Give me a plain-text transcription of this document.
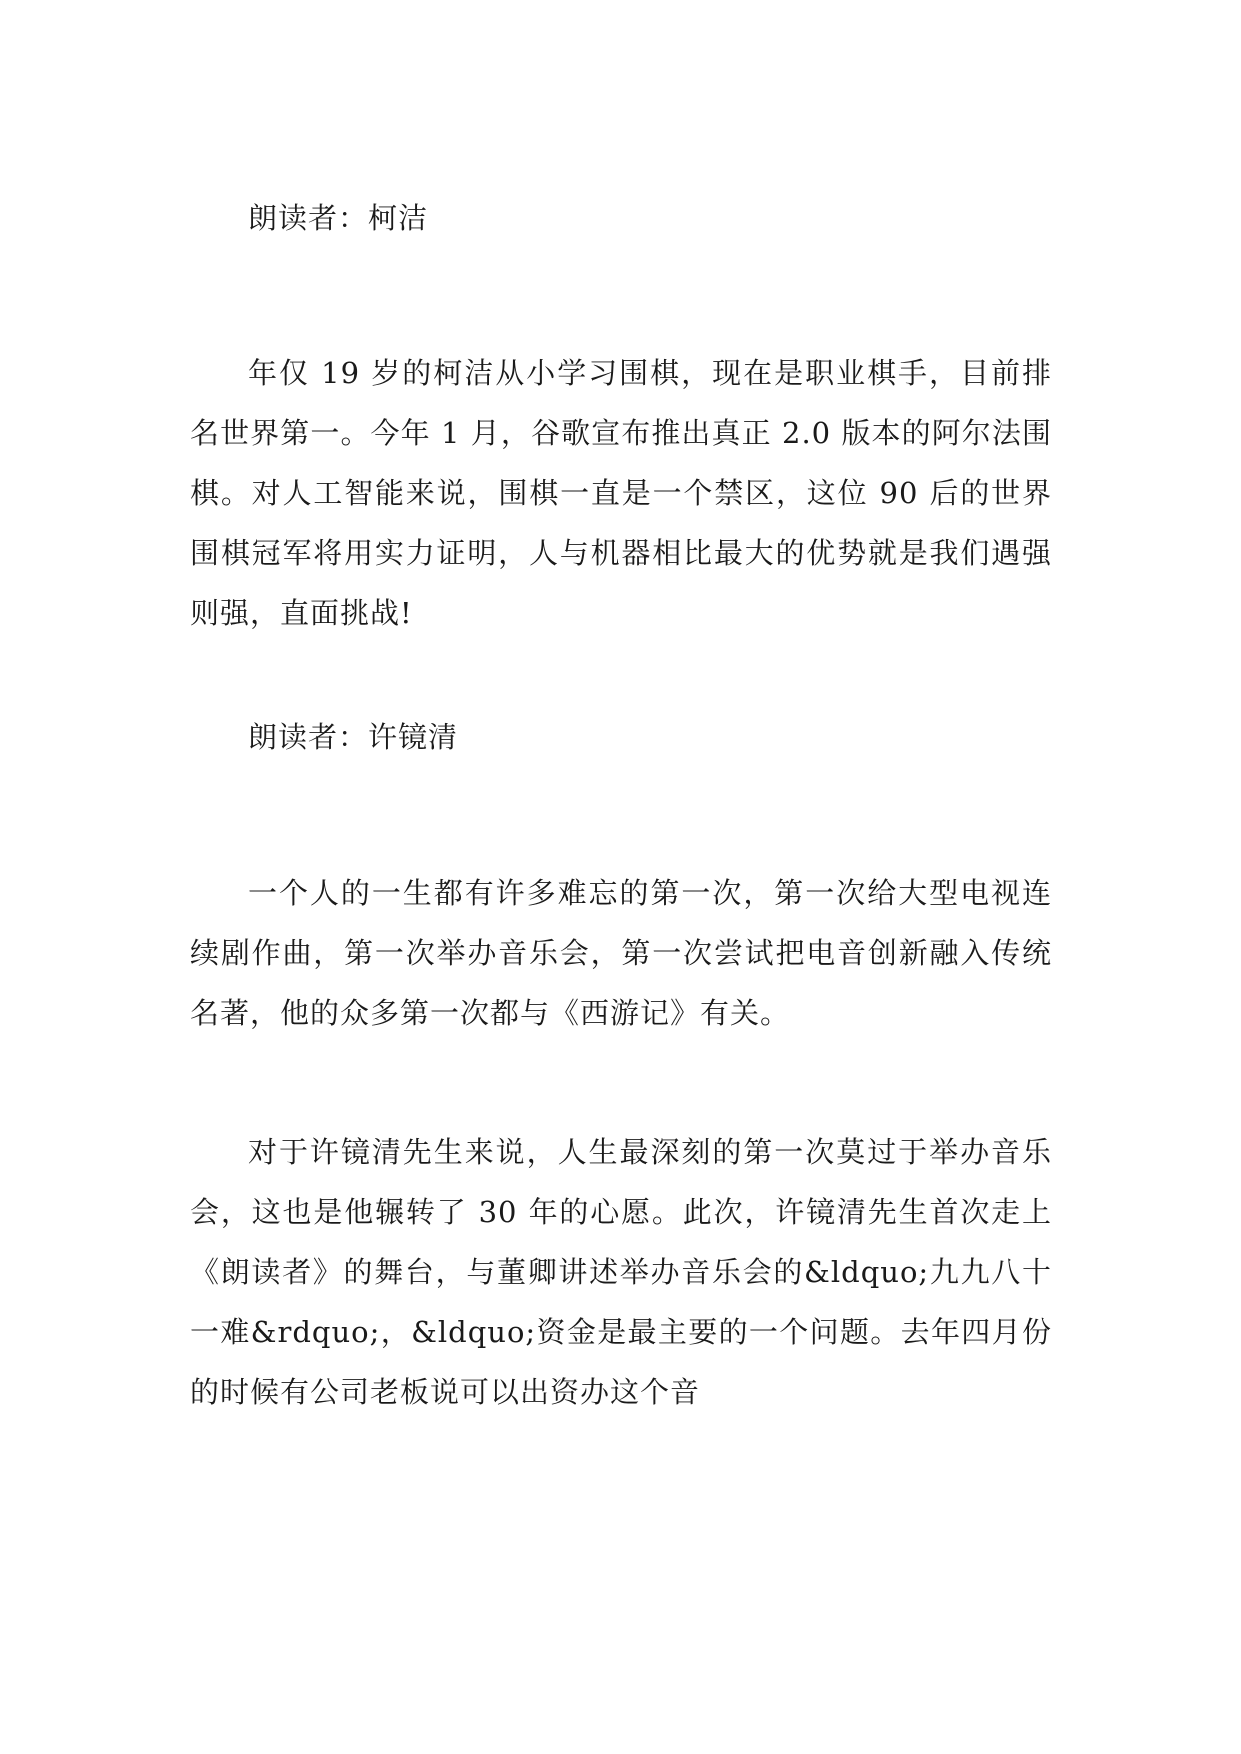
朗读者：柯洁

年仅 19 岁的柯洁从小学习围棋，现在是职业棋手，目前排名世界第一。今年 1 月，谷歌宣布推出真正 2.0 版本的阿尔法围棋。对人工智能来说，围棋一直是一个禁区，这位 90 后的世界围棋冠军将用实力证明，人与机器相比最大的优势就是我们遇强则强，直面挑战!

朗读者：许镜清

一个人的一生都有许多难忘的第一次，第一次给大型电视连续剧作曲，第一次举办音乐会，第一次尝试把电音创新融入传统名著，他的众多第一次都与《西游记》有关。

对于许镜清先生来说，人生最深刻的第一次莫过于举办音乐会，这也是他辗转了 30 年的心愿。此次，许镜清先生首次走上《朗读者》的舞台，与董卿讲述举办音乐会的&ldquo;九九八十一难&rdquo;，&ldquo;资金是最主要的一个问题。去年四月份的时候有公司老板说可以出资办这个音
